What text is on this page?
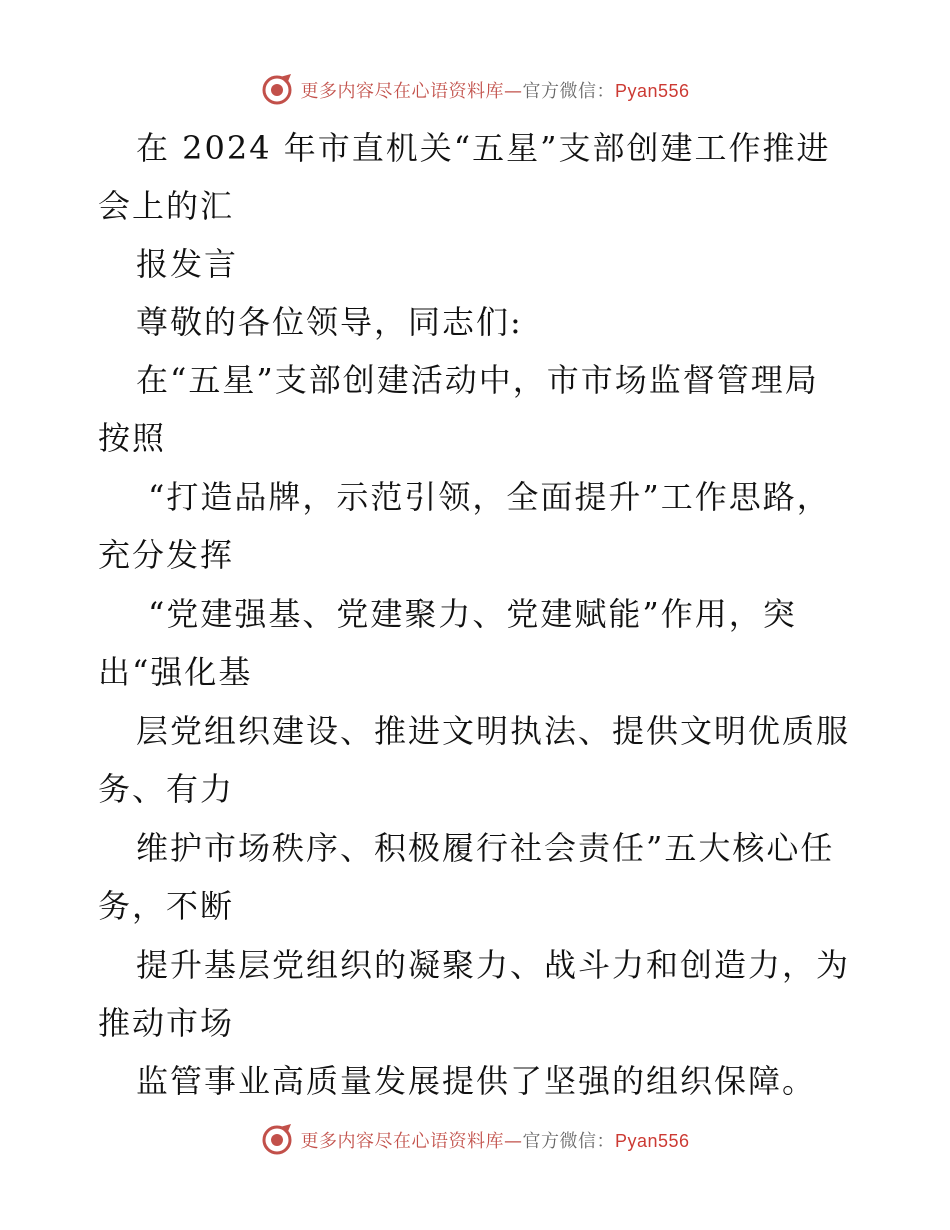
更多内容尽在心语资料库—官方微信：Pyan556
在 2024 年市直机关“五星”支部创建工作推进
会上的汇
报发言
尊敬的各位领导，同志们:
在“五星”支部创建活动中，市市场监督管理局
按照
“打造品牌，示范引领，全面提升”工作思路，
充分发挥
“党建强基、党建聚力、党建赋能”作用，突
出“强化基
层党组织建设、推进文明执法、提供文明优质服
务、有力
维护市场秩序、积极履行社会责任”五大核心任
务，不断
提升基层党组织的凝聚力、战斗力和创造力，为
推动市场
监管事业高质量发展提供了坚强的组织保障。
更多内容尽在心语资料库—官方微信：Pyan556
